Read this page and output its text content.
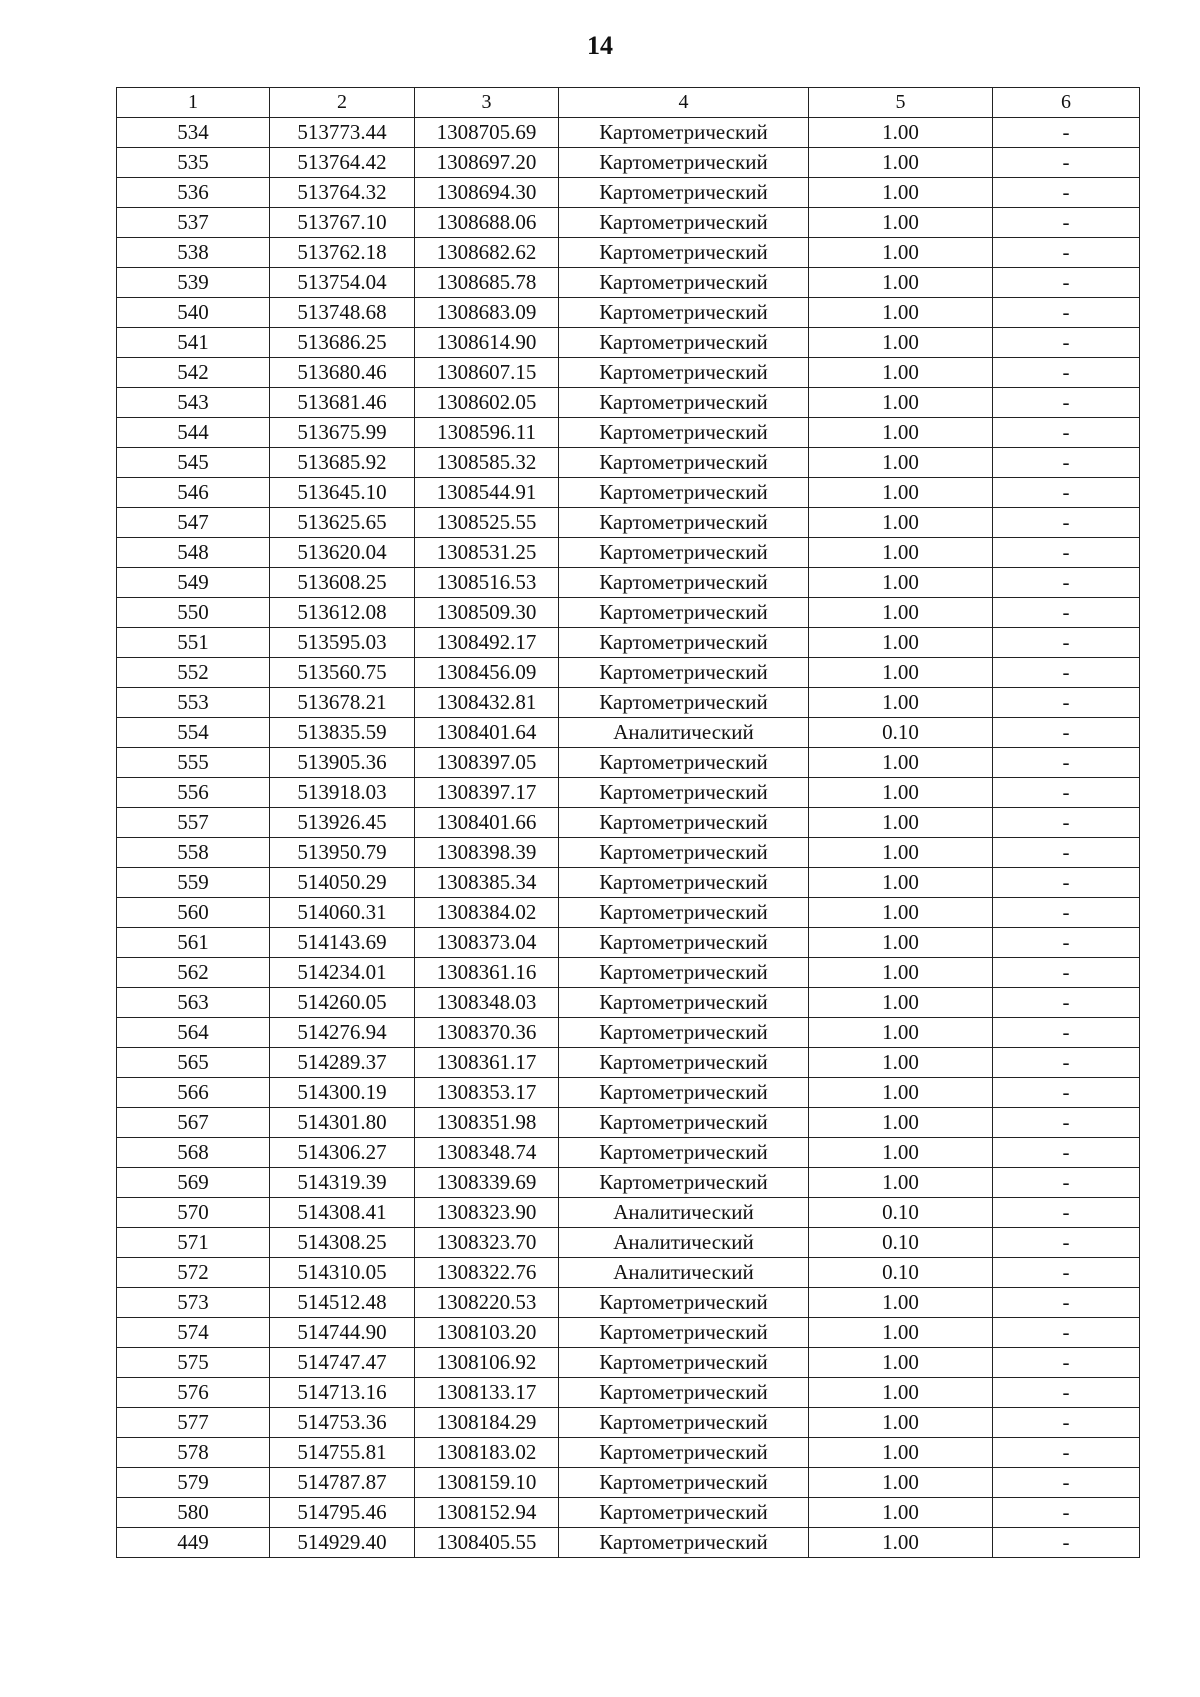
14
1	2	3	4	5	6
534	513773.44	1308705.69	Картометрический	1.00	-
535	513764.42	1308697.20	Картометрический	1.00	-
536	513764.32	1308694.30	Картометрический	1.00	-
537	513767.10	1308688.06	Картометрический	1.00	-
538	513762.18	1308682.62	Картометрический	1.00	-
539	513754.04	1308685.78	Картометрический	1.00	-
540	513748.68	1308683.09	Картометрический	1.00	-
541	513686.25	1308614.90	Картометрический	1.00	-
542	513680.46	1308607.15	Картометрический	1.00	-
543	513681.46	1308602.05	Картометрический	1.00	-
544	513675.99	1308596.11	Картометрический	1.00	-
545	513685.92	1308585.32	Картометрический	1.00	-
546	513645.10	1308544.91	Картометрический	1.00	-
547	513625.65	1308525.55	Картометрический	1.00	-
548	513620.04	1308531.25	Картометрический	1.00	-
549	513608.25	1308516.53	Картометрический	1.00	-
550	513612.08	1308509.30	Картометрический	1.00	-
551	513595.03	1308492.17	Картометрический	1.00	-
552	513560.75	1308456.09	Картометрический	1.00	-
553	513678.21	1308432.81	Картометрический	1.00	-
554	513835.59	1308401.64	Аналитический	0.10	-
555	513905.36	1308397.05	Картометрический	1.00	-
556	513918.03	1308397.17	Картометрический	1.00	-
557	513926.45	1308401.66	Картометрический	1.00	-
558	513950.79	1308398.39	Картометрический	1.00	-
559	514050.29	1308385.34	Картометрический	1.00	-
560	514060.31	1308384.02	Картометрический	1.00	-
561	514143.69	1308373.04	Картометрический	1.00	-
562	514234.01	1308361.16	Картометрический	1.00	-
563	514260.05	1308348.03	Картометрический	1.00	-
564	514276.94	1308370.36	Картометрический	1.00	-
565	514289.37	1308361.17	Картометрический	1.00	-
566	514300.19	1308353.17	Картометрический	1.00	-
567	514301.80	1308351.98	Картометрический	1.00	-
568	514306.27	1308348.74	Картометрический	1.00	-
569	514319.39	1308339.69	Картометрический	1.00	-
570	514308.41	1308323.90	Аналитический	0.10	-
571	514308.25	1308323.70	Аналитический	0.10	-
572	514310.05	1308322.76	Аналитический	0.10	-
573	514512.48	1308220.53	Картометрический	1.00	-
574	514744.90	1308103.20	Картометрический	1.00	-
575	514747.47	1308106.92	Картометрический	1.00	-
576	514713.16	1308133.17	Картометрический	1.00	-
577	514753.36	1308184.29	Картометрический	1.00	-
578	514755.81	1308183.02	Картометрический	1.00	-
579	514787.87	1308159.10	Картометрический	1.00	-
580	514795.46	1308152.94	Картометрический	1.00	-
449	514929.40	1308405.55	Картометрический	1.00	-
